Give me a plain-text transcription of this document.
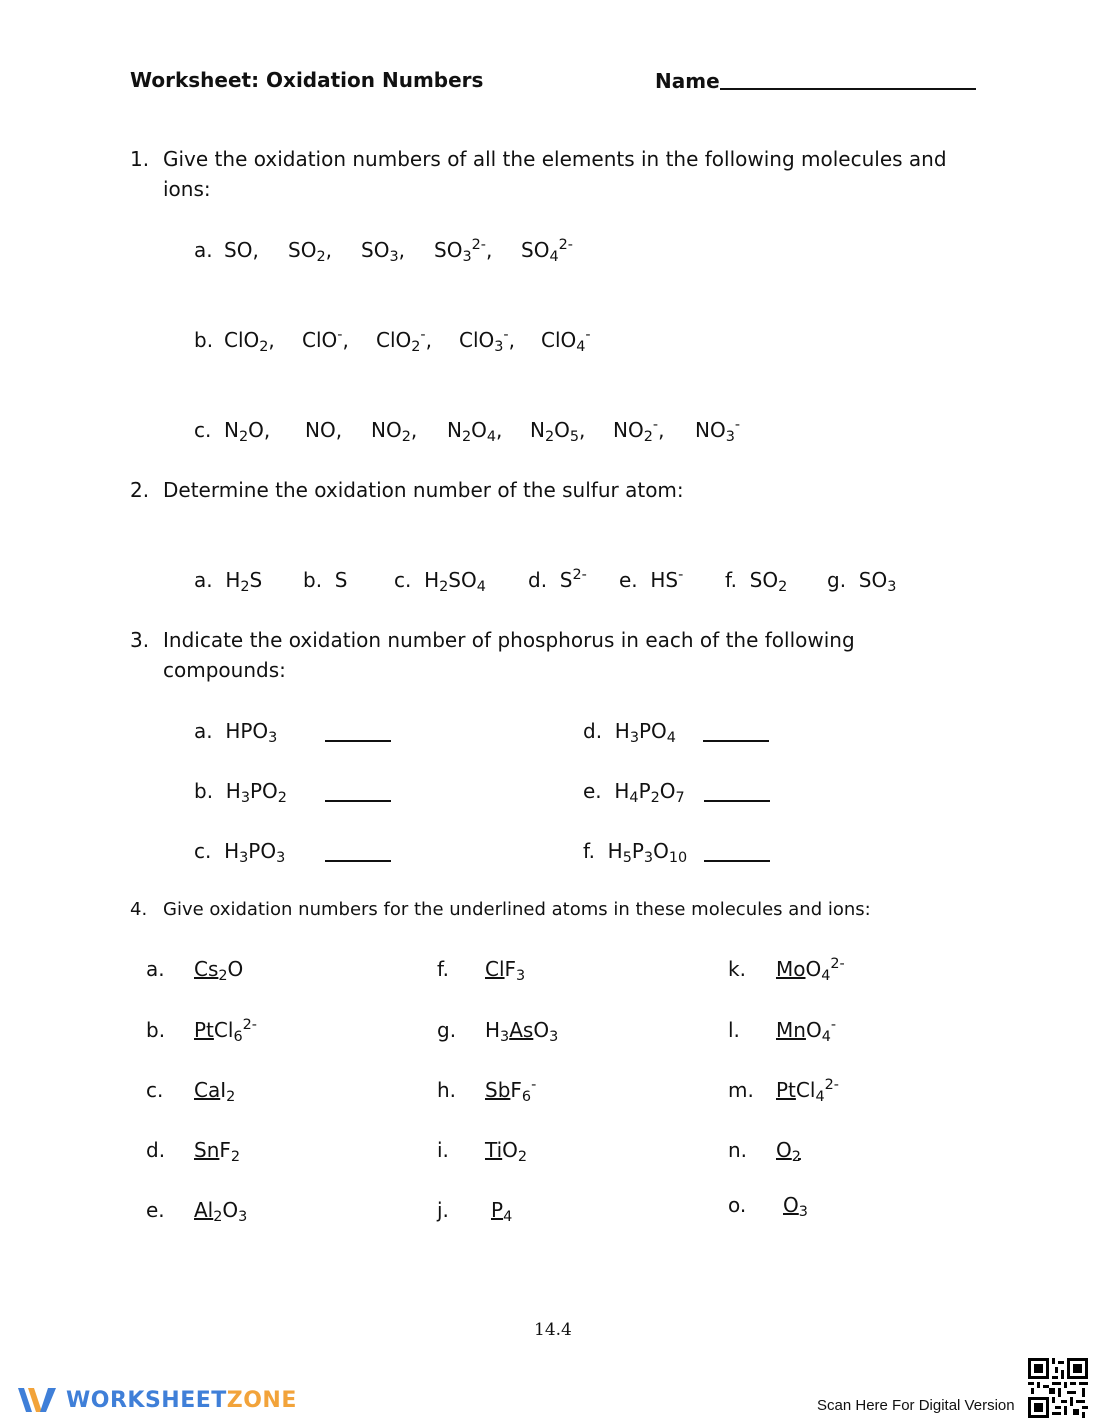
Worksheet: Oxidation Numbers	Name
1. Give the oxidation numbers of all the elements in the following molecules and
ions:
a. SO, $SO_2$, $SO_3$, $SO_3^{2-}$, $SO_4^{2-}$
b. ClO$_2$, ClO-, ClO$_2$-, ClO$_3$-, ClO$_4$-
c. $N_2O$, NO, $NO_2$, $N_2O_4$, $N_2O_5$, $NO_2^-$, $NO_3^-$
2. Determine the oxidation number of the sulfur atom:
a.  $H_2S$ b.  S c.  $H_2SO_4$ d.  $S^{2-}$ e.  HS- f.  $SO_2$ g.  $SO_3$
3. Indicate the oxidation number of phosphorus in each of the following
compounds:
a.  $HPO_3$
b.  $H_3PO_2$
c.  $H_3PO_3$
d.  $H_3PO_4$
e.  $H_4P_2O_7$
f.  $H_5P_3O_{10}$
4. Give oxidation numbers for the underlined atoms in these molecules and ions:
a. $Cs_2O$
b. PtCl$_6^{2-}$
c. CaI$_2$
d. SnF$_2$
e. $Al_2O_3$
f. ClF$_3$
g. $H_3AsO_3$
h. SbF$_6$-
i. TiO$_2$
j. $P_4$
k. MoO$_4^{2-}$
l. MnO$_4$-
m. PtCl$_4^{2-}$
n. $O_2$
o. $O_3$
14.4
WORKSHEETZONE	Scan Here For Digital Version
